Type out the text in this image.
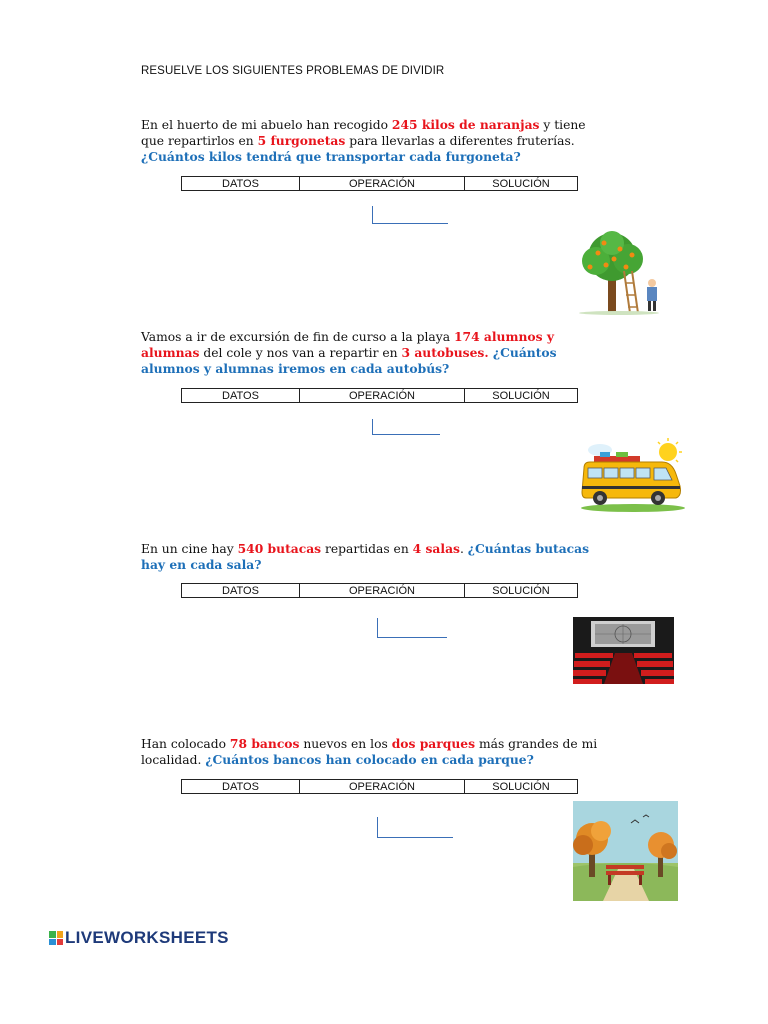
RESUELVE LOS SIGUIENTES PROBLEMAS DE DIVIDIR
En el huerto de mi abuelo han recogido 245 kilos de naranjas y tiene que repartirlos en 5 furgonetas para llevarlas a diferentes fruterías. ¿Cuántos kilos tendrá que transportar cada furgoneta?
DATOS	OPERACIÓN	SOLUCIÓN
Vamos a ir de excursión de fin de curso a la playa 174 alumnos y alumnas del cole y nos van a repartir en 3 autobuses. ¿Cuántos alumnos y alumnas iremos en cada autobús?
DATOS	OPERACIÓN	SOLUCIÓN
En un cine hay 540 butacas repartidas en 4 salas. ¿Cuántas butacas hay en cada sala?
DATOS	OPERACIÓN	SOLUCIÓN
Han colocado 78 bancos nuevos en los dos parques más grandes de mi localidad. ¿Cuántos bancos han colocado en cada parque?
DATOS	OPERACIÓN	SOLUCIÓN
LIVEWORKSHEETS
